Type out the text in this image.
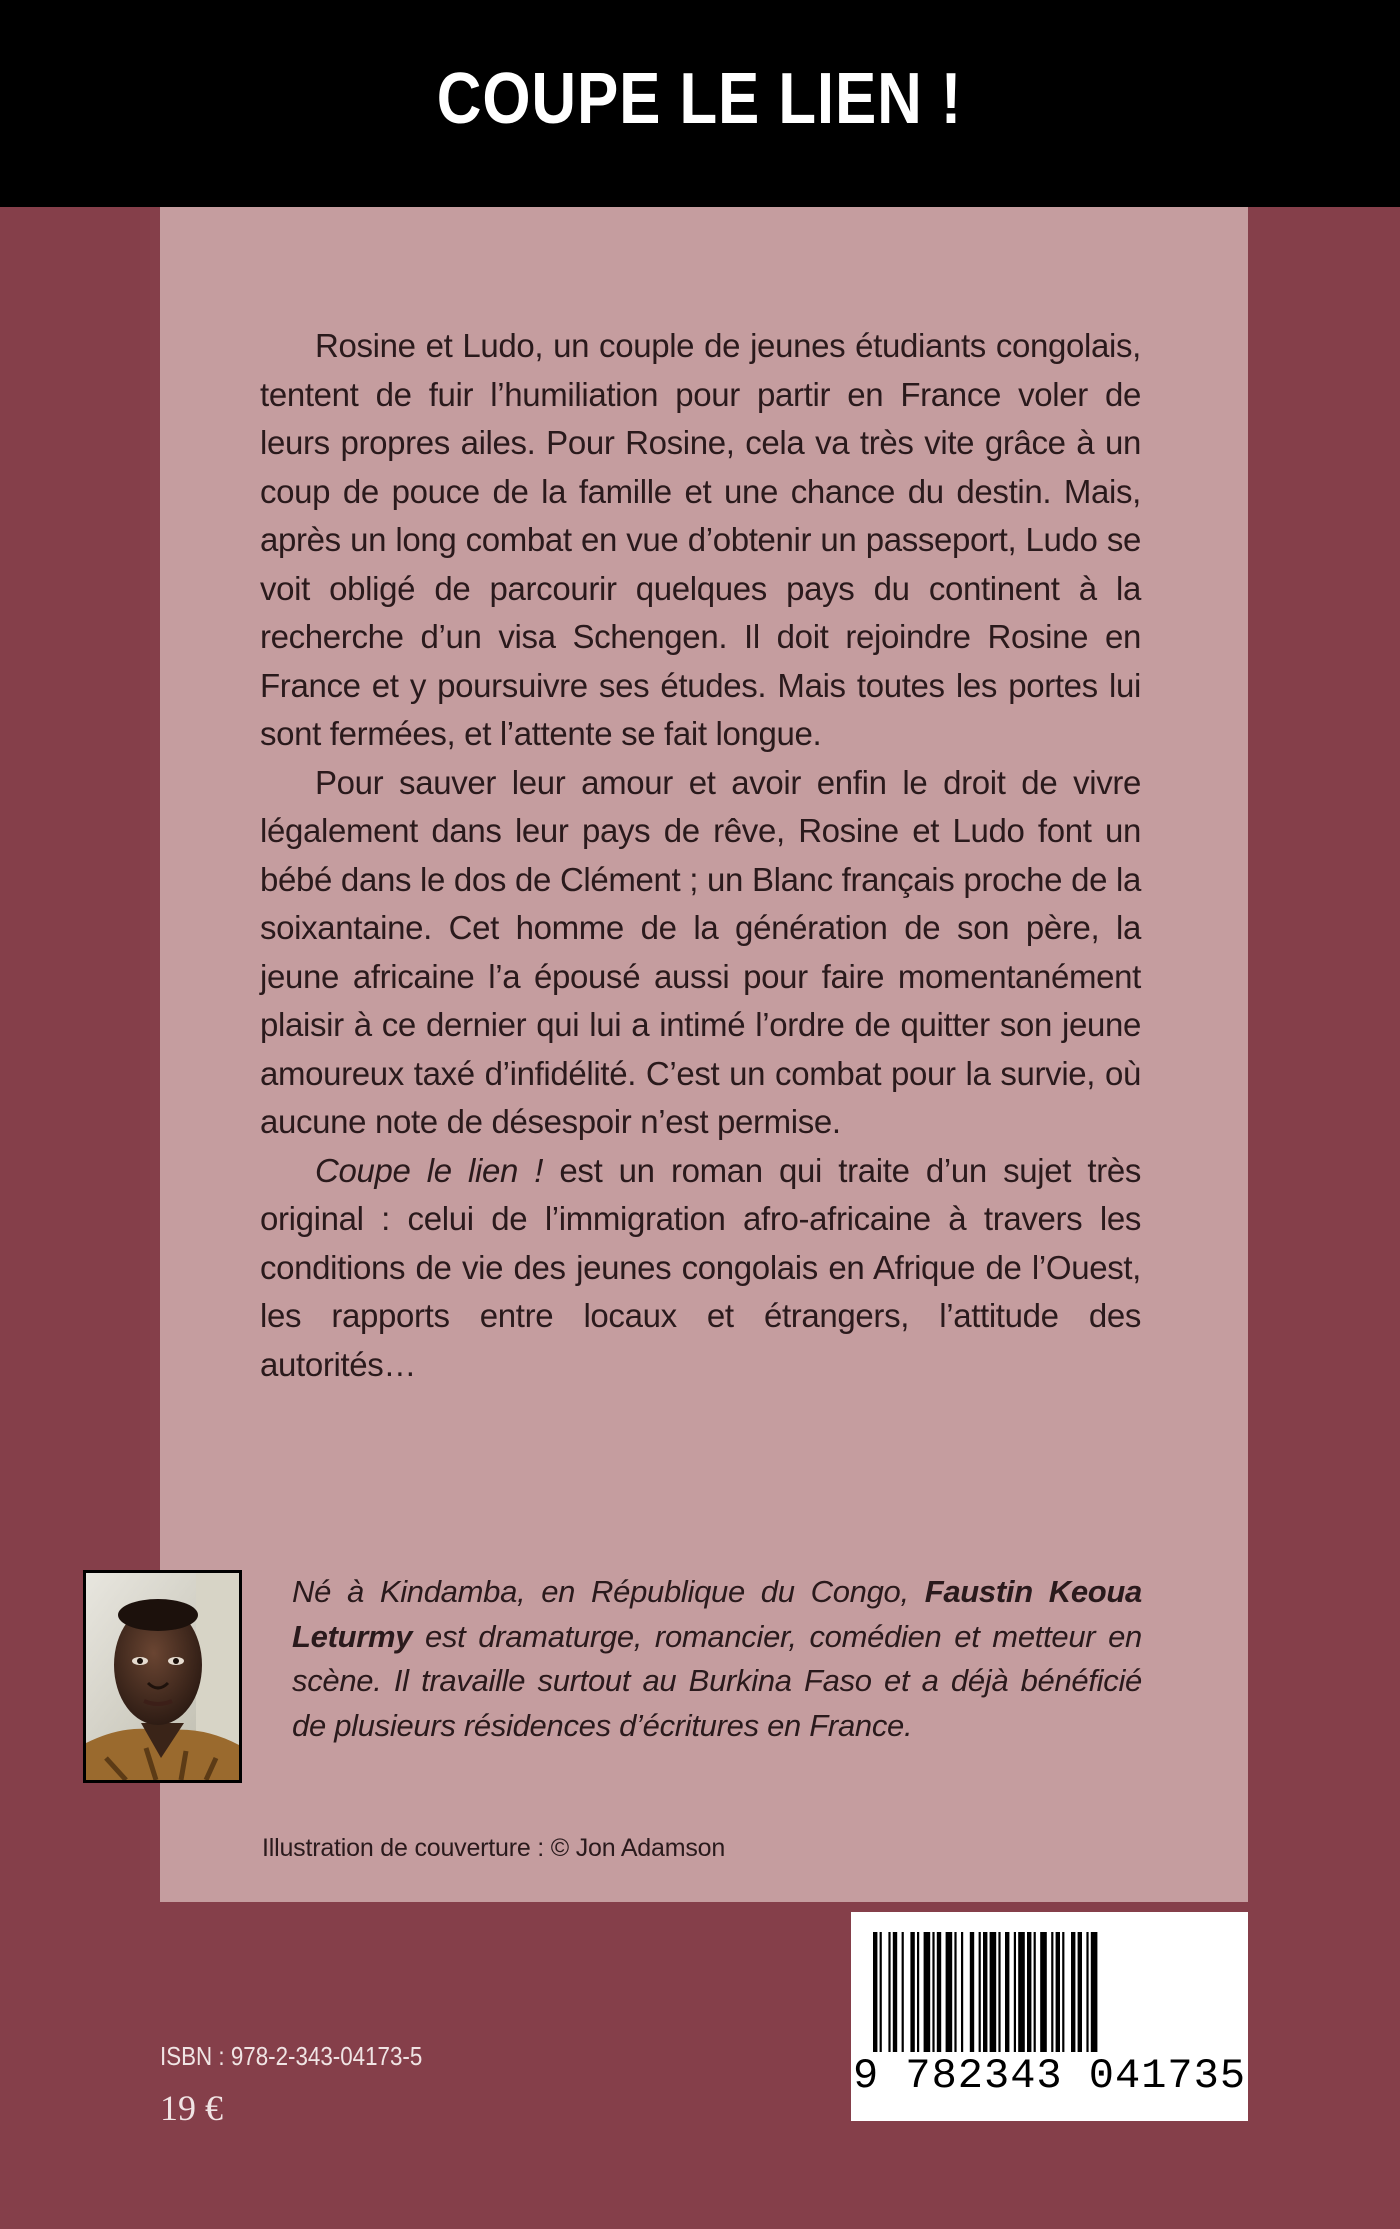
COUPE LE LIEN !

Rosine et Ludo, un couple de jeunes étudiants congolais, tentent de fuir l’humiliation pour partir en France voler de leurs propres ailes. Pour Rosine, cela va très vite grâce à un coup de pouce de la famille et une chance du destin. Mais, après un long combat en vue d’obtenir un passeport, Ludo se voit obligé de parcourir quelques pays du continent à la recherche d’un visa Schengen. Il doit rejoindre Rosine en France et y poursuivre ses études. Mais toutes les portes lui sont fermées, et l’attente se fait longue.

Pour sauver leur amour et avoir enfin le droit de vivre légalement dans leur pays de rêve, Rosine et Ludo font un bébé dans le dos de Clément ; un Blanc français proche de la soixantaine. Cet homme de la génération de son père, la jeune africaine l’a épousé aussi pour faire momentanément plaisir à ce dernier qui lui a intimé l’ordre de quitter son jeune amoureux taxé d’infidélité. C’est un combat pour la survie, où aucune note de désespoir n’est permise.

Coupe le lien ! est un roman qui traite d’un sujet très original : celui de l’immigration afro-africaine à travers les conditions de vie des jeunes congolais en Afrique de l’Ouest, les rapports entre locaux et étrangers, l’attitude des autorités…

Né à Kindamba, en République du Congo, Faustin Keoua Leturmy est dramaturge, romancier, comédien et metteur en scène. Il travaille surtout au Burkina Faso et a déjà bénéficié de plusieurs résidences d’écritures en France.
Illustration de couverture : © Jon Adamson
ISBN : 978-2-343-04173-5
19 €
9 782343 041735
